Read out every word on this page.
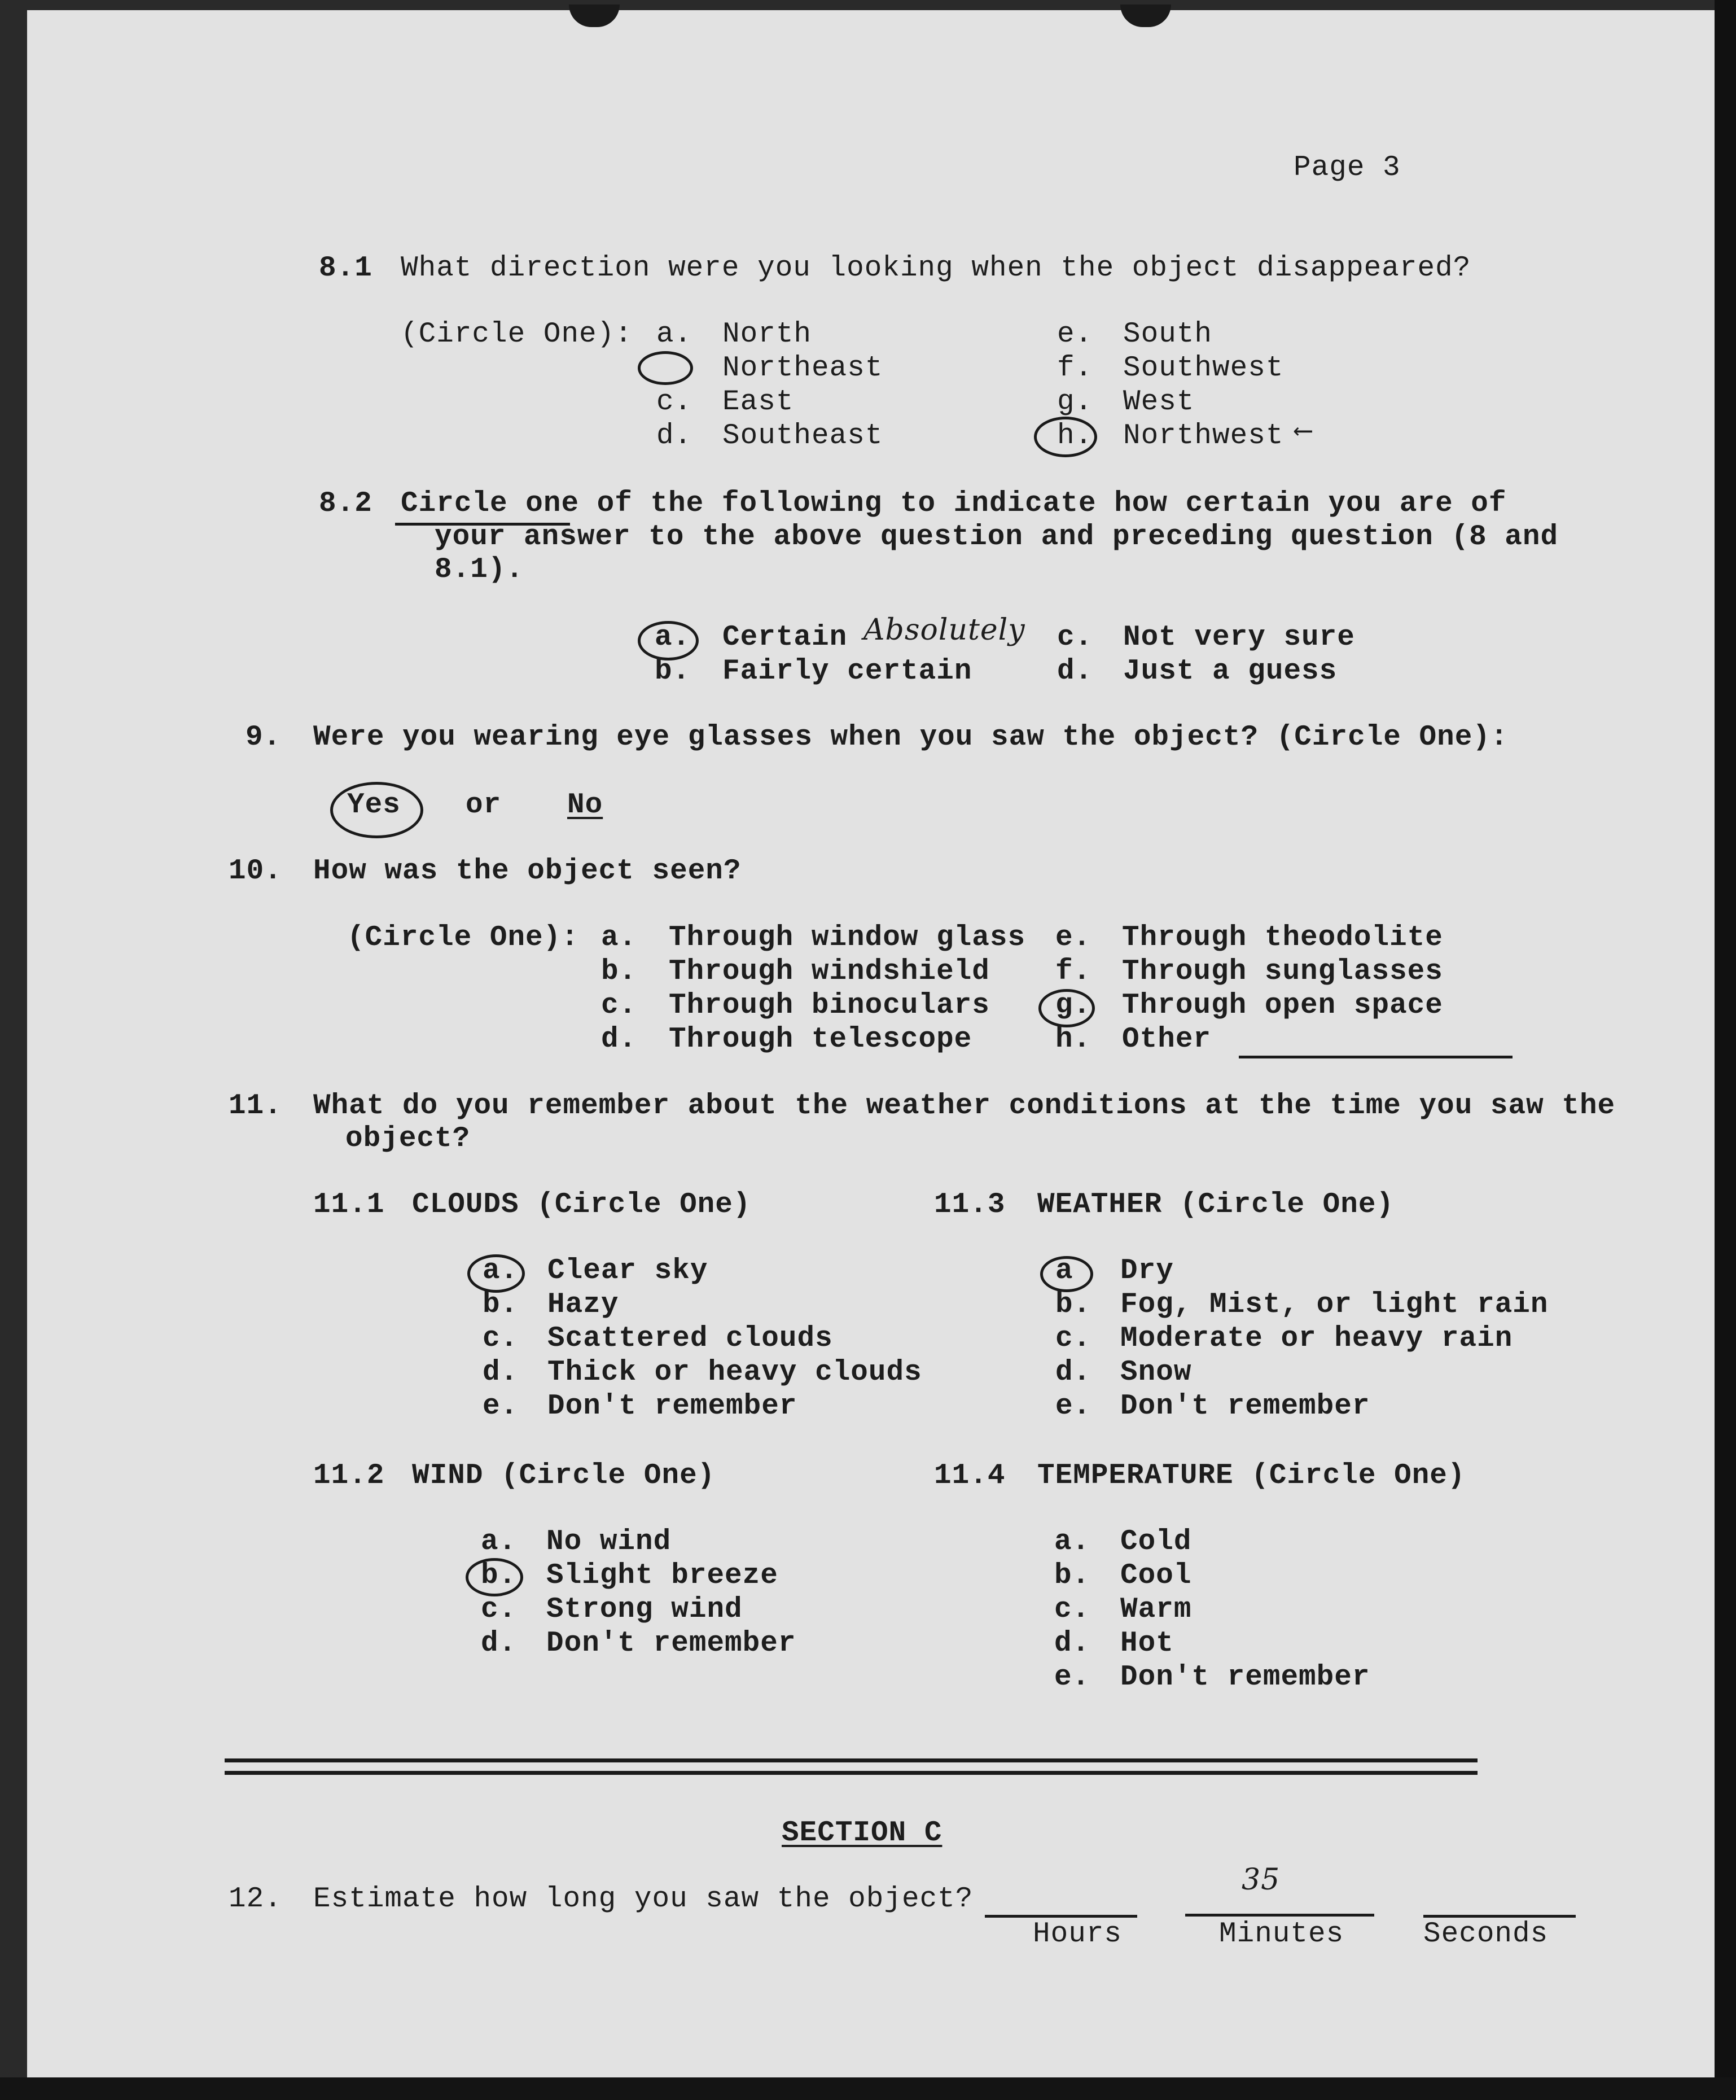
Page 3
8.1 What direction were you looking when the object disappeared?
(Circle One): a. North
Northeast
c. East
d. Southeast
e. South
f. Southwest
g. West
h. Northwest ⟵
8.2 Circle one of the following to indicate how certain you are of
your answer to the above question and preceding question (8 and
8.1).
a. Certain Absolutely
b. Fairly certain
c. Not very sure
d. Just a guess
9. Were you wearing eye glasses when you saw the object? (Circle One):
Yes or No
10. How was the object seen?
(Circle One): a. Through window glass
b. Through windshield
c. Through binoculars
d. Through telescope
e. Through theodolite
f. Through sunglasses
g. Through open space
h. Other
11. What do you remember about the weather conditions at the time you saw the
object?
11.1 CLOUDS (Circle One)
a. Clear sky
b. Hazy
c. Scattered clouds
d. Thick or heavy clouds
e. Don't remember
11.3 WEATHER (Circle One)
a Dry
b. Fog, Mist, or light rain
c. Moderate or heavy rain
d. Snow
e. Don't remember
11.2 WIND (Circle One)
a. No wind
b. Slight breeze
c. Strong wind
d. Don't remember
11.4 TEMPERATURE (Circle One)
a. Cold
b. Cool
c. Warm
d. Hot
e. Don't remember
SECTION C
12. Estimate how long you saw the object?
Hours
35
Minutes	Seconds
